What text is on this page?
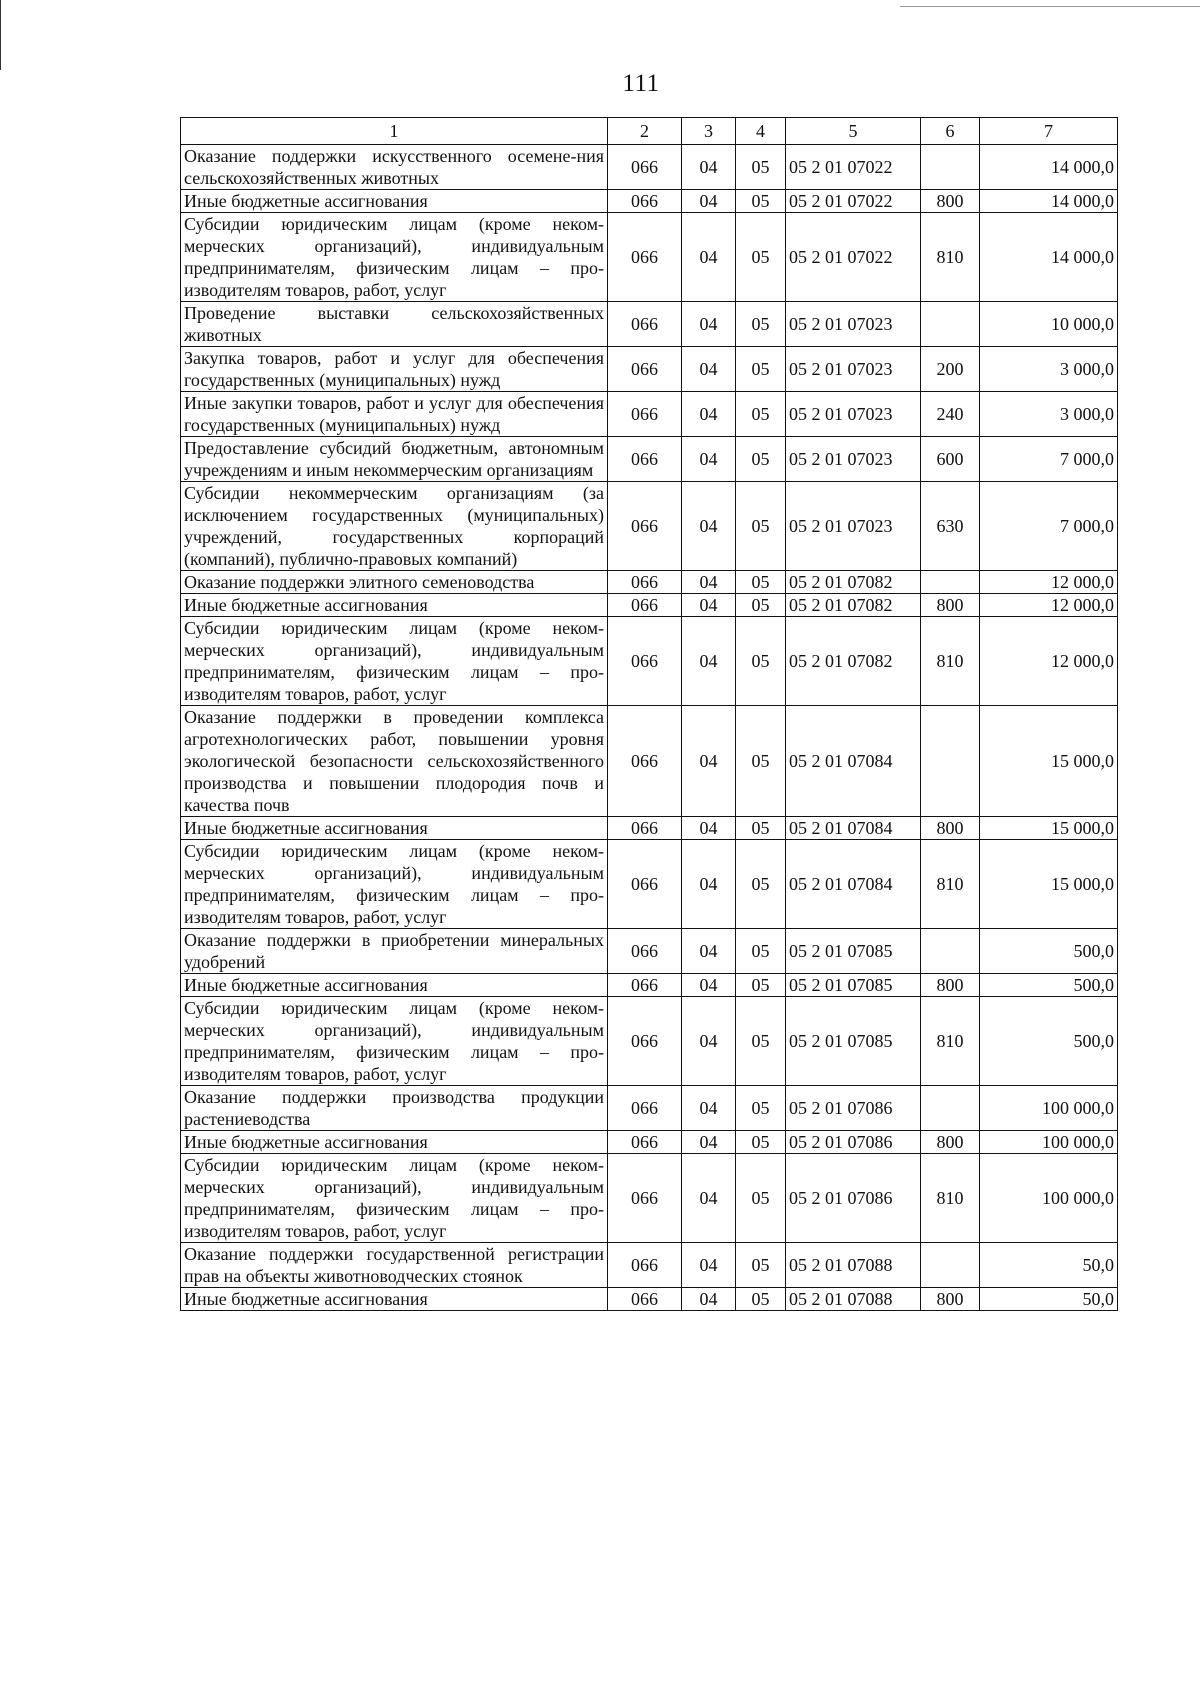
111
1	2	3	4	5	6	7
Оказание поддержки искусственного осемене-ния сельскохозяйственных животных	066	04	05	05 2 01 07022		14 000,0
Иные бюджетные ассигнования	066	04	05	05 2 01 07022	800	14 000,0
Субсидии юридическим лицам (кроме некоммерческих организаций), индивидуальным предпринимателям, физическим лицам – производителям товаров, работ, услуг	066	04	05	05 2 01 07022	810	14 000,0
Проведение выставки сельскохозяйственных животных	066	04	05	05 2 01 07023		10 000,0
Закупка товаров, работ и услуг для обеспечения государственных (муниципальных) нужд	066	04	05	05 2 01 07023	200	3 000,0
Иные закупки товаров, работ и услуг для обеспечения государственных (муниципальных) нужд	066	04	05	05 2 01 07023	240	3 000,0
Предоставление субсидий бюджетным, автономным учреждениям и иным некоммерческим организациям	066	04	05	05 2 01 07023	600	7 000,0
Субсидии некоммерческим организациям (за исключением государственных (муниципальных) учреждений, государственных корпораций (компаний), публично-правовых компаний)	066	04	05	05 2 01 07023	630	7 000,0
Оказание поддержки элитного семеноводства	066	04	05	05 2 01 07082		12 000,0
Иные бюджетные ассигнования	066	04	05	05 2 01 07082	800	12 000,0
Субсидии юридическим лицам (кроме некоммерческих организаций), индивидуальным предпринимателям, физическим лицам – производителям товаров, работ, услуг	066	04	05	05 2 01 07082	810	12 000,0
Оказание поддержки в проведении комплекса агротехнологических работ, повышении уровня экологической безопасности сельскохозяйственного производства и повышении плодородия почв и качества почв	066	04	05	05 2 01 07084		15 000,0
Иные бюджетные ассигнования	066	04	05	05 2 01 07084	800	15 000,0
Субсидии юридическим лицам (кроме некоммерческих организаций), индивидуальным предпринимателям, физическим лицам – производителям товаров, работ, услуг	066	04	05	05 2 01 07084	810	15 000,0
Оказание поддержки в приобретении минеральных удобрений	066	04	05	05 2 01 07085		500,0
Иные бюджетные ассигнования	066	04	05	05 2 01 07085	800	500,0
Субсидии юридическим лицам (кроме некоммерческих организаций), индивидуальным предпринимателям, физическим лицам – производителям товаров, работ, услуг	066	04	05	05 2 01 07085	810	500,0
Оказание поддержки производства продукции растениеводства	066	04	05	05 2 01 07086		100 000,0
Иные бюджетные ассигнования	066	04	05	05 2 01 07086	800	100 000,0
Субсидии юридическим лицам (кроме некоммерческих организаций), индивидуальным предпринимателям, физическим лицам – производителям товаров, работ, услуг	066	04	05	05 2 01 07086	810	100 000,0
Оказание поддержки государственной регистрации прав на объекты животноводческих стоянок	066	04	05	05 2 01 07088		50,0
Иные бюджетные ассигнования	066	04	05	05 2 01 07088	800	50,0
